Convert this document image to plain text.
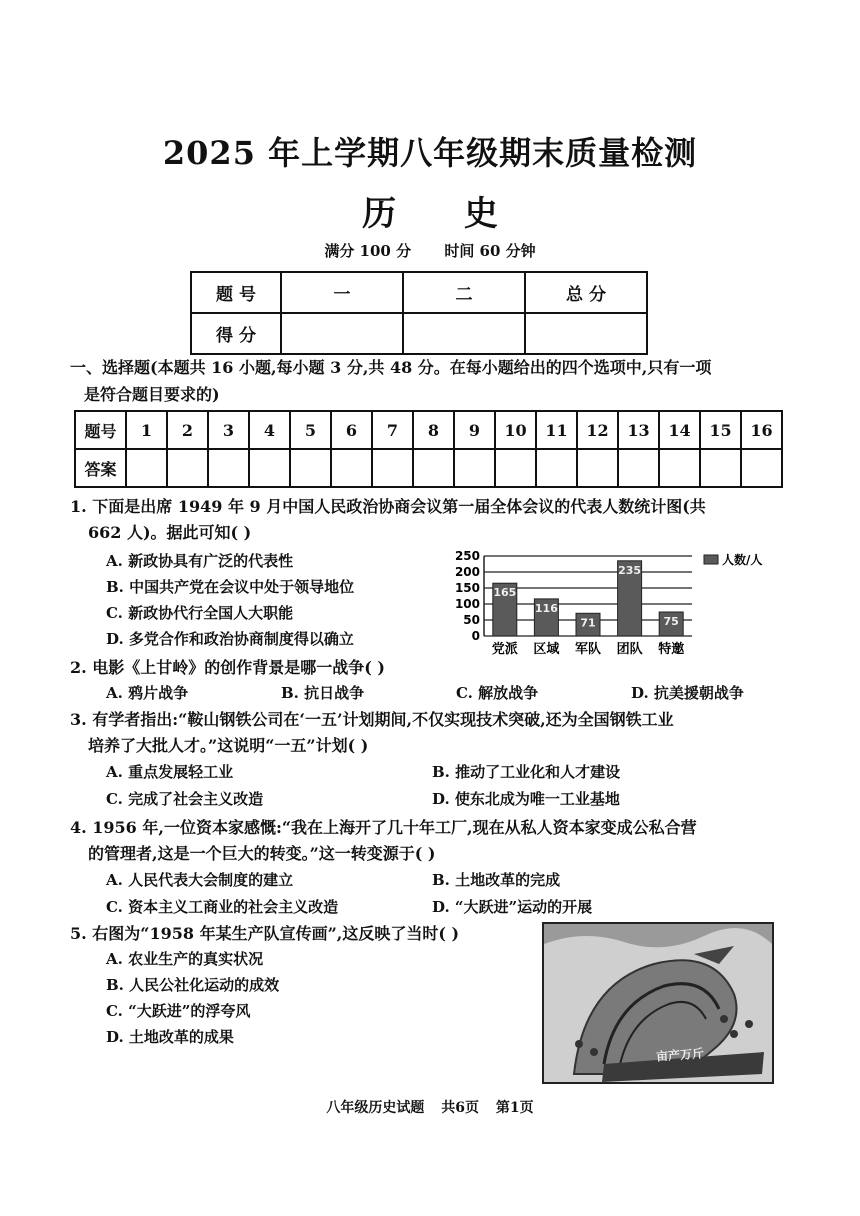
2025 年上学期八年级期末质量检测
历 史
满分 100 分 时间 60 分钟
题 号	一	二	总 分
得 分			
一、选择题(本题共 16 小题,每小题 3 分,共 48 分。在每小题给出的四个选项中,只有一项
是符合题目要求的)
题号	1	2	3	4	5	6	7	8	9	10	11	12	13	14	15	16
答案																
1. 下面是出席 1949 年 9 月中国人民政治协商会议第一届全体会议的代表人数统计图(共
662 人)。据此可知( )
A. 新政协具有广泛的代表性
B. 中国共产党在会议中处于领导地位
C. 新政协代行全国人大职能
D. 多党合作和政治协商制度得以确立	0
50
100
150
200
250
165
党派
116
区域
71
军队
235
团队
75
特邀
人数/人
2. 电影《上甘岭》的创作背景是哪一战争( )
A. 鸦片战争	B. 抗日战争	C. 解放战争	D. 抗美援朝战争
3. 有学者指出:“鞍山钢铁公司在‘一五’计划期间,不仅实现技术突破,还为全国钢铁工业
培养了大批人才。”这说明“一五”计划( )
A. 重点发展轻工业	B. 推动了工业化和人才建设
C. 完成了社会主义改造	D. 使东北成为唯一工业基地
4. 1956 年,一位资本家感慨:“我在上海开了几十年工厂,现在从私人资本家变成公私合营
的管理者,这是一个巨大的转变。”这一转变源于( )
A. 人民代表大会制度的建立	B. 土地改革的完成
C. 资本主义工商业的社会主义改造	D. “大跃进”运动的开展
5. 右图为“1958 年某生产队宣传画”,这反映了当时( )
A. 农业生产的真实状况
B. 人民公社化运动的成效
C. “大跃进”的浮夸风
D. 土地改革的成果
亩产万斤
八年级历史试题 共6页 第1页
